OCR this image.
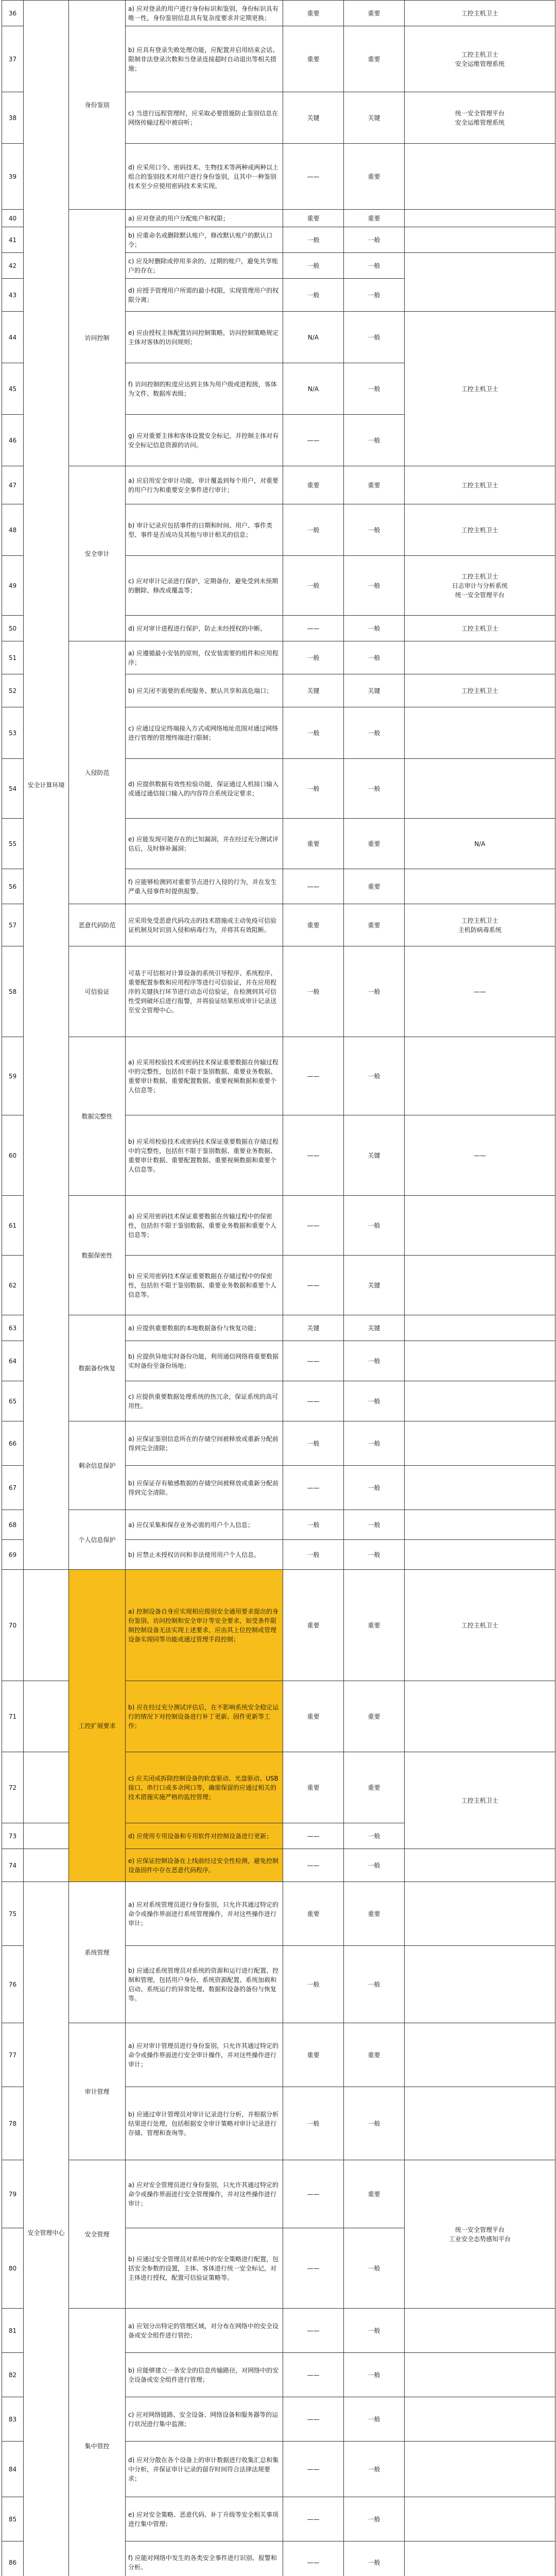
36	安全计算环境	身份鉴别	a) 应对登录的用户进行身份标识和鉴别，身份标识具有唯一性，身份鉴别信息具有复杂度要求并定期更换；	重要	重要	工控主机卫士
37			b) 应具有登录失败处理功能，应配置并启用结束会话、限制非法登录次数和当登录连接超时自动退出等相关措施；	重要	重要	工控主机卫士
安全运维管理系统
38			c) 当进行远程管理时，应采取必要措施防止鉴别信息在网络传输过程中被窃听；	关键	关键	统一安全管理平台
安全运维管理系统
39			d) 应采用口令、密码技术、生物技术等两种或两种以上组合的鉴别技术对用户进行身份鉴别，且其中一种鉴别技术至少应使用密码技术来实现。	——	重要	
40		访问控制	a) 应对登录的用户分配账户和权限；	重要	重要	
41			b) 应重命名或删除默认账户，修改默认账户的默认口令；	一般	一般	
42			c) 应及时删除或停用多余的、过期的账户，避免共享账户的存在；	一般	一般	
43			d) 应授予管理用户所需的最小权限，实现管理用户的权限分离；	一般	一般	
44			e) 应由授权主体配置访问控制策略，访问控制策略规定主体对客体的访问规则；	N/A	一般	工控主机卫士
45			f) 访问控制的粒度应达到主体为用户级或进程级，客体为文件、数据库表级；	N/A	一般	
46			g) 应对重要主体和客体设置安全标记，并控制主体对有安全标记信息资源的访问。	——	一般	
47		安全审计	a) 应启用安全审计功能，审计覆盖到每个用户，对重要的用户行为和重要安全事件进行审计；	重要	重要	工控主机卫士
48			b) 审计记录应包括事件的日期和时间、用户、事件类型、事件是否成功及其他与审计相关的信息；	一般	一般	工控主机卫士
49			c) 应对审计记录进行保护，定期备份，避免受到未预期的删除、修改或覆盖等；	一般	一般	工控主机卫士
日志审计与分析系统
统一安全管理平台
50			d) 应对审计进程进行保护，防止未经授权的中断。	——	一般	工控主机卫士
51		入侵防范	a) 应遵循最小安装的原则，仅安装需要的组件和应用程序；	一般	一般	
52			b) 应关闭不需要的系统服务、默认共享和高危端口；	关键	关键	工控主机卫士
53			c) 应通过设定终端接入方式或网络地址范围对通过网络进行管理的管理终端进行限制；	一般	一般	
54			d) 应提供数据有效性检验功能，保证通过人机接口输入或通过通信接口输入的内容符合系统设定要求；	一般	一般	
55			e) 应能发现可能存在的已知漏洞，并在经过充分测试评估后，及时修补漏洞；	重要	重要	N/A
56			f) 应能够检测到对重要节点进行入侵的行为，并在发生严重入侵事件时提供报警。	——	重要	
57		恶意代码防范	应采用免受恶意代码攻击的技术措施或主动免疫可信验证机制及时识别入侵和病毒行为，并将其有效阻断。	重要	重要	工控主机卫士
主机防病毒系统
58		可信验证	可基于可信根对计算设备的系统引导程序、系统程序、重要配置参数和应用程序等进行可信验证，并在应用程序的关键执行环节进行动态可信验证，在检测到其可信性受到破坏后进行报警，并将验证结果形成审计记录送至安全管理中心。	一般	一般	——
59		数据完整性	a) 应采用校验技术或密码技术保证重要数据在传输过程中的完整性，包括但不限于鉴别数据、重要业务数据、重要审计数据、重要配置数据、重要视频数据和重要个人信息等；	——	一般	
60			b) 应采用校验技术或密码技术保证重要数据在存储过程中的完整性，包括但不限于鉴别数据、重要业务数据、重要审计数据、重要配置数据、重要视频数据和重要个人信息等。	——	关键	——
61		数据保密性	a) 应采用密码技术保证重要数据在传输过程中的保密性，包括但不限于鉴别数据、重要业务数据和重要个人信息等；	——	一般	
62			b) 应采用密码技术保证重要数据在存储过程中的保密性，包括但不限于鉴别数据、重要业务数据和重要个人信息等。	——	关键	
63		数据备份恢复	a) 应提供重要数据的本地数据备份与恢复功能；	关键	关键	
64			b) 应提供异地实时备份功能，利用通信网络将重要数据实时备份至备份场地；	——	一般	
65			c) 应提供重要数据处理系统的热冗余，保证系统的高可用性。	——	一般	
66		剩余信息保护	a) 应保证鉴别信息所在的存储空间被释放或重新分配前得到完全清除；	一般	一般	
67			b) 应保证存有敏感数据的存储空间被释放或重新分配前得到完全清除。	——	一般	
68		个人信息保护	a) 应仅采集和保存业务必需的用户个人信息；	一般	一般	
69			b) 应禁止未授权访问和非法使用用户个人信息。	一般	一般	
70		工控扩展要求	a) 控制设备自身应实现相应级别安全通用要求提出的身份鉴别、访问控制和安全审计等安全要求，如受条件限制控制设备无法实现上述要求，应由其上位控制或管理设备实现同等功能或通过管理手段控制；	重要	重要	工控主机卫士
71			b) 应在经过充分测试评估后，在不影响系统安全稳定运行的情况下对控制设备进行补丁更新、固件更新等工作；	重要	重要	
72			c) 应关闭或拆除控制设备的软盘驱动、光盘驱动、USB接口、串行口或多余网口等，确需保留的应通过相关的技术措施实施严格的监控管理；	重要	重要	工控主机卫士
73			d) 应使用专用设备和专用软件对控制设备进行更新；	——	一般	
74			e) 应保证控制设备在上线前经过安全性检测，避免控制设备固件中存在恶意代码程序。	——	一般	
75	安全管理中心	系统管理	a) 应对系统管理员进行身份鉴别，只允许其通过特定的命令或操作界面进行系统管理操作，并对这些操作进行审计；	重要	重要	
76			b) 应通过系统管理员对系统的资源和运行进行配置、控制和管理，包括用户身份、系统资源配置、系统加载和启动、系统运行的异常处理、数据和设备的备份与恢复等。	一般	一般	
77		审计管理	a) 应对审计管理员进行身份鉴别，只允许其通过特定的命令或操作界面进行安全审计操作，并对这些操作进行审计；	重要	重要	
78			b) 应通过审计管理员对审计记录进行分析，并根据分析结果进行处理，包括根据安全审计策略对审计记录进行存储、管理和查询等。	一般	一般	
79		安全管理	a) 应对安全管理员进行身份鉴别，只允许其通过特定的命令或操作界面进行安全管理操作，并对这些操作进行审计；	——	重要	统一安全管理平台
工业安全态势感知平台
80			b) 应通过安全管理员对系统中的安全策略进行配置，包括安全参数的设置，主体、客体进行统一安全标记，对主体进行授权，配置可信验证策略等。	——	一般	
81		集中管控	a) 应划分出特定的管理区域，对分布在网络中的安全设备或安全组件进行管控；	——	一般	
82			b) 应能够建立一条安全的信息传输路径，对网络中的安全设备或安全组件进行管理；	——	一般	
83			c) 应对网络链路、安全设备、网络设备和服务器等的运行状况进行集中监测；	——	一般	
84			d) 应对分散在各个设备上的审计数据进行收集汇总和集中分析，并保证审计记录的留存时间符合法律法规要求；	——	一般	
85			e) 应对安全策略、恶意代码、补丁升级等安全相关事项进行集中管理；	——	一般	
86			f) 应能对网络中发生的各类安全事件进行识别、报警和分析。	——	一般	
